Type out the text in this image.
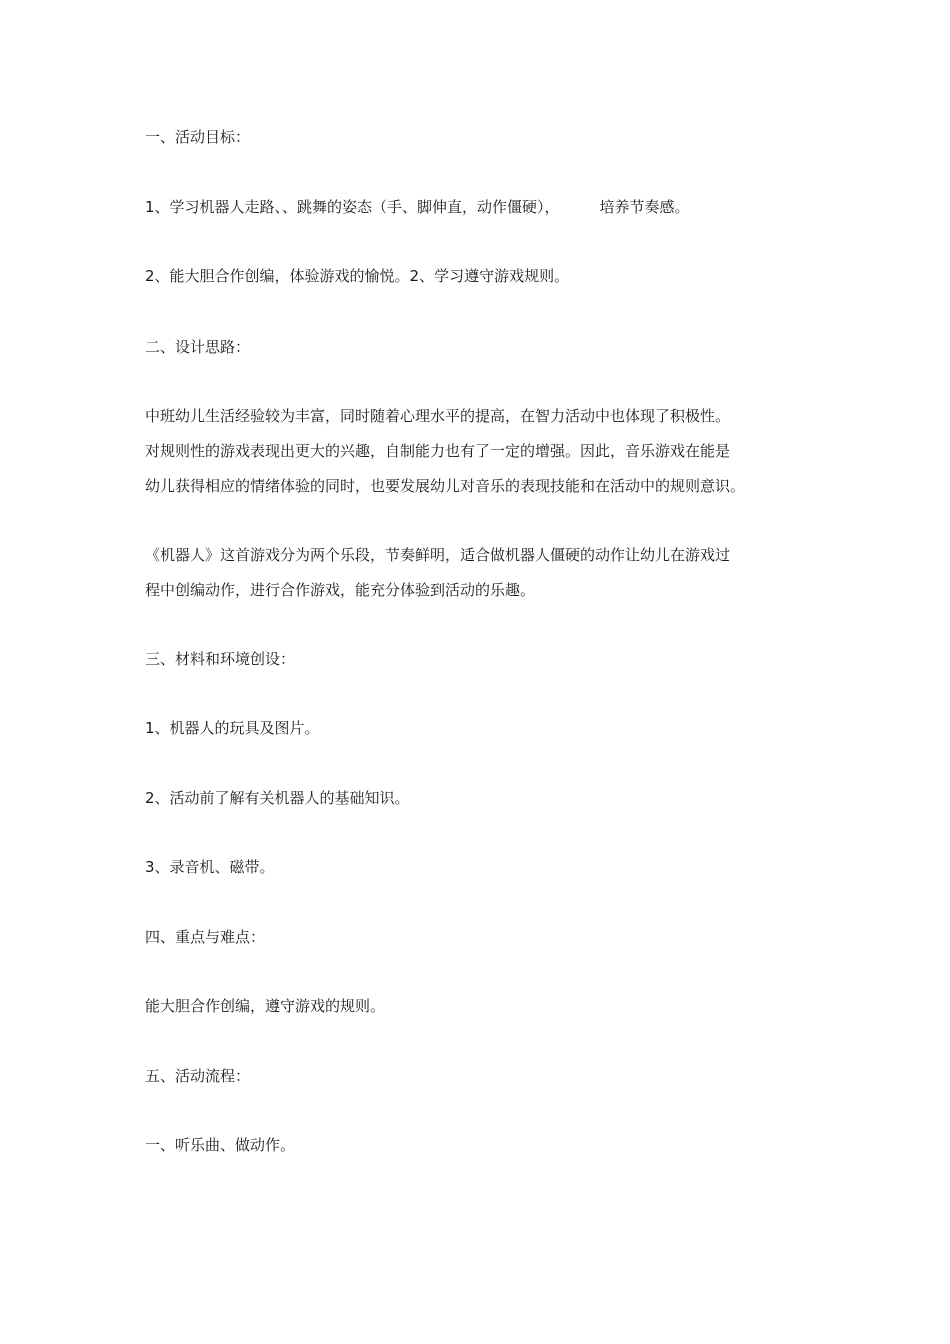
一、活动目标：
1、学习机器人走路、、跳舞的姿态（手、脚伸直，动作僵硬），	培养节奏感。
2、能大胆合作创编，体验游戏的愉悦。2、学习遵守游戏规则。
二、设计思路：
中班幼儿生活经验较为丰富，同时随着心理水平的提高，在智力活动中也体现了积极性。
对规则性的游戏表现出更大的兴趣，自制能力也有了一定的增强。因此，音乐游戏在能是
幼儿获得相应的情绪体验的同时，也要发展幼儿对音乐的表现技能和在活动中的规则意识。
《机器人》这首游戏分为两个乐段，节奏鲜明，适合做机器人僵硬的动作让幼儿在游戏过
程中创编动作，进行合作游戏，能充分体验到活动的乐趣。
三、材料和环境创设：
1、机器人的玩具及图片。
2、活动前了解有关机器人的基础知识。
3、录音机、磁带。
四、重点与难点：
能大胆合作创编，遵守游戏的规则。
五、活动流程：
一、听乐曲、做动作。
